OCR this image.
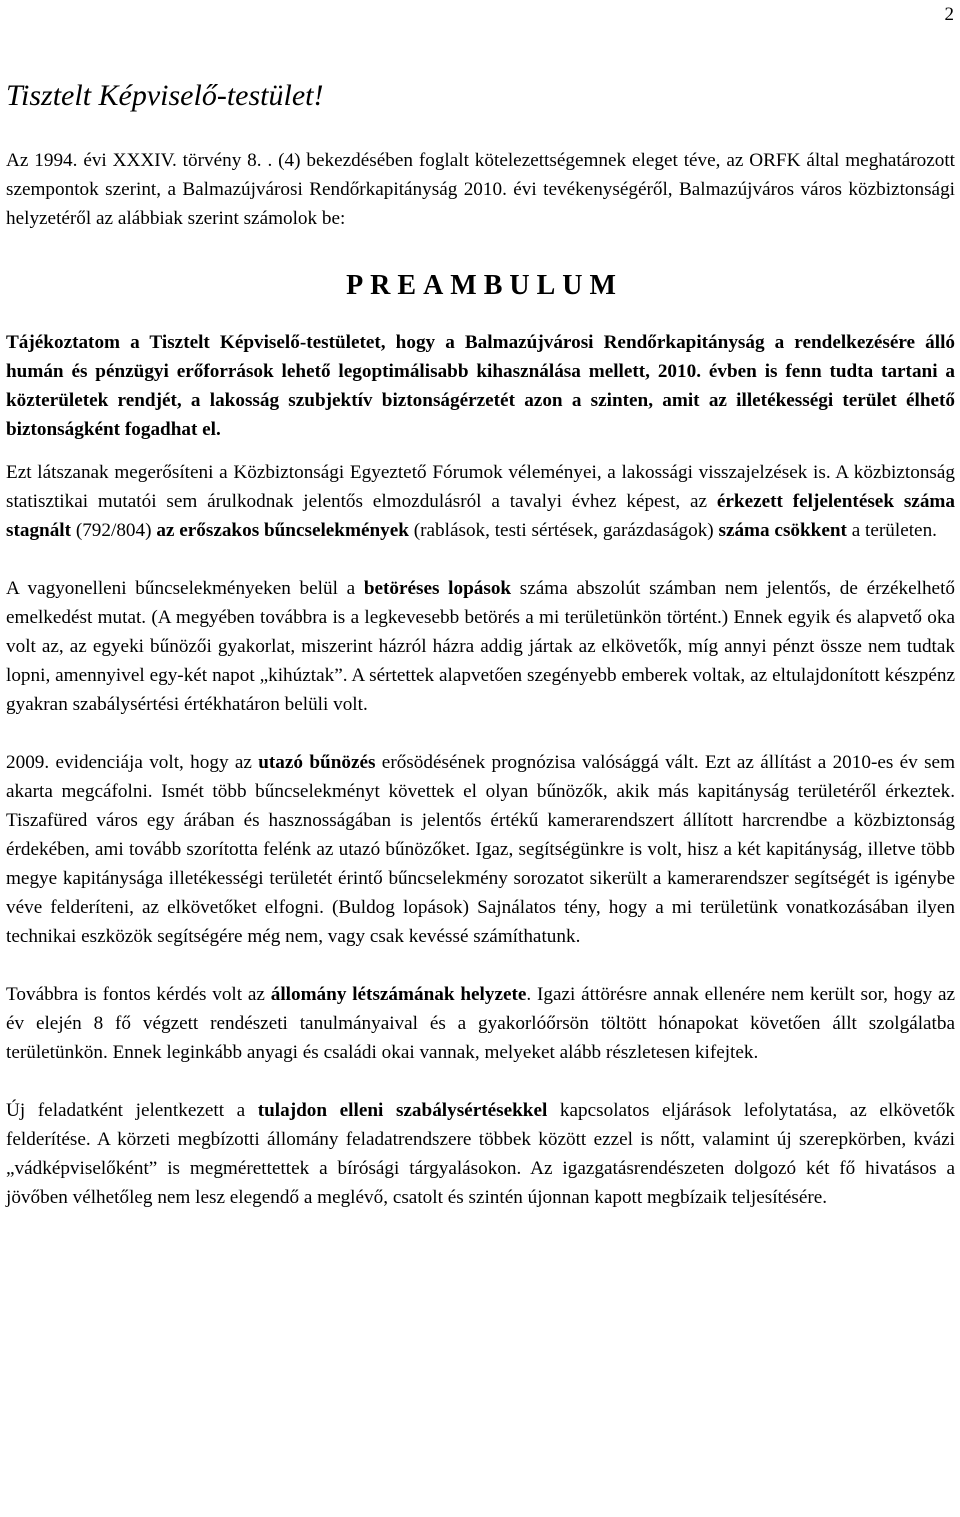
2
Tisztelt Képviselő-testület!

Az 1994. évi XXXIV. törvény 8. . (4) bekezdésében foglalt kötelezettségemnek eleget téve, az ORFK által meghatározott szempontok szerint, a Balmazújvárosi Rendőrkapitányság 2010. évi tevékenységéről, Balmazújváros város közbiztonsági helyzetéről az alábbiak szerint számolok be:

PREAMBULUM

Tájékoztatom a Tisztelt Képviselő-testületet, hogy a Balmazújvárosi Rendőrkapitányság a rendelkezésére álló humán és pénzügyi erőforrások lehető legoptimálisabb kihasználása mellett, 2010. évben is fenn tudta tartani a közterületek rendjét, a lakosság szubjektív biztonságérzetét azon a szinten, amit az illetékességi terület élhető biztonságként fogadhat el.

Ezt látszanak megerősíteni a Közbiztonsági Egyeztető Fórumok véleményei, a lakossági visszajelzések is. A közbiztonság statisztikai mutatói sem árulkodnak jelentős elmozdulásról a tavalyi évhez képest, az érkezett feljelentések száma stagnált (792/804) az erőszakos bűncselekmények (rablások, testi sértések, garázdaságok) száma csökkent a területen.

A vagyonelleni bűncselekményeken belül a betöréses lopások száma abszolút számban nem jelentős, de érzékelhető emelkedést mutat. (A megyében továbbra is a legkevesebb betörés a mi területünkön történt.) Ennek egyik és alapvető oka volt az, az egyeki bűnözői gyakorlat, miszerint házról házra addig jártak az elkövetők, míg annyi pénzt össze nem tudtak lopni, amennyivel egy-két napot „kihúztak”. A sértettek alapvetően szegényebb emberek voltak, az eltulajdonított készpénz gyakran szabálysértési értékhatáron belüli volt.

2009. evidenciája volt, hogy az utazó bűnözés erősödésének prognózisa valósággá vált. Ezt az állítást a 2010-es év sem akarta megcáfolni. Ismét több bűncselekményt követtek el olyan bűnözők, akik más kapitányság területéről érkeztek. Tiszafüred város egy árában és hasznosságában is jelentős értékű kamerarendszert állított harcrendbe a közbiztonság érdekében, ami tovább szorította felénk az utazó bűnözőket. Igaz, segítségünkre is volt, hisz a két kapitányság, illetve több megye kapitánysága illetékességi területét érintő bűncselekmény sorozatot sikerült a kamerarendszer segítségét is igénybe véve felderíteni, az elkövetőket elfogni. (Buldog lopások) Sajnálatos tény, hogy a mi területünk vonatkozásában ilyen technikai eszközök segítségére még nem, vagy csak kevéssé számíthatunk.

Továbbra is fontos kérdés volt az állomány létszámának helyzete. Igazi áttörésre annak ellenére nem került sor, hogy az év elején 8 fő végzett rendészeti tanulmányaival és a gyakorlóőrsön töltött hónapokat követően állt szolgálatba területünkön. Ennek leginkább anyagi és családi okai vannak, melyeket alább részletesen kifejtek.

Új feladatként jelentkezett a tulajdon elleni szabálysértésekkel kapcsolatos eljárások lefolytatása, az elkövetők felderítése. A körzeti megbízotti állomány feladatrendszere többek között ezzel is nőtt, valamint új szerepkörben, kvázi „vádképviselőként” is megmérettettek a bírósági tárgyalásokon. Az igazgatásrendészeten dolgozó két fő hivatásos a jövőben vélhetőleg nem lesz elegendő a meglévő, csatolt és szintén újonnan kapott megbízaik teljesítésére.
